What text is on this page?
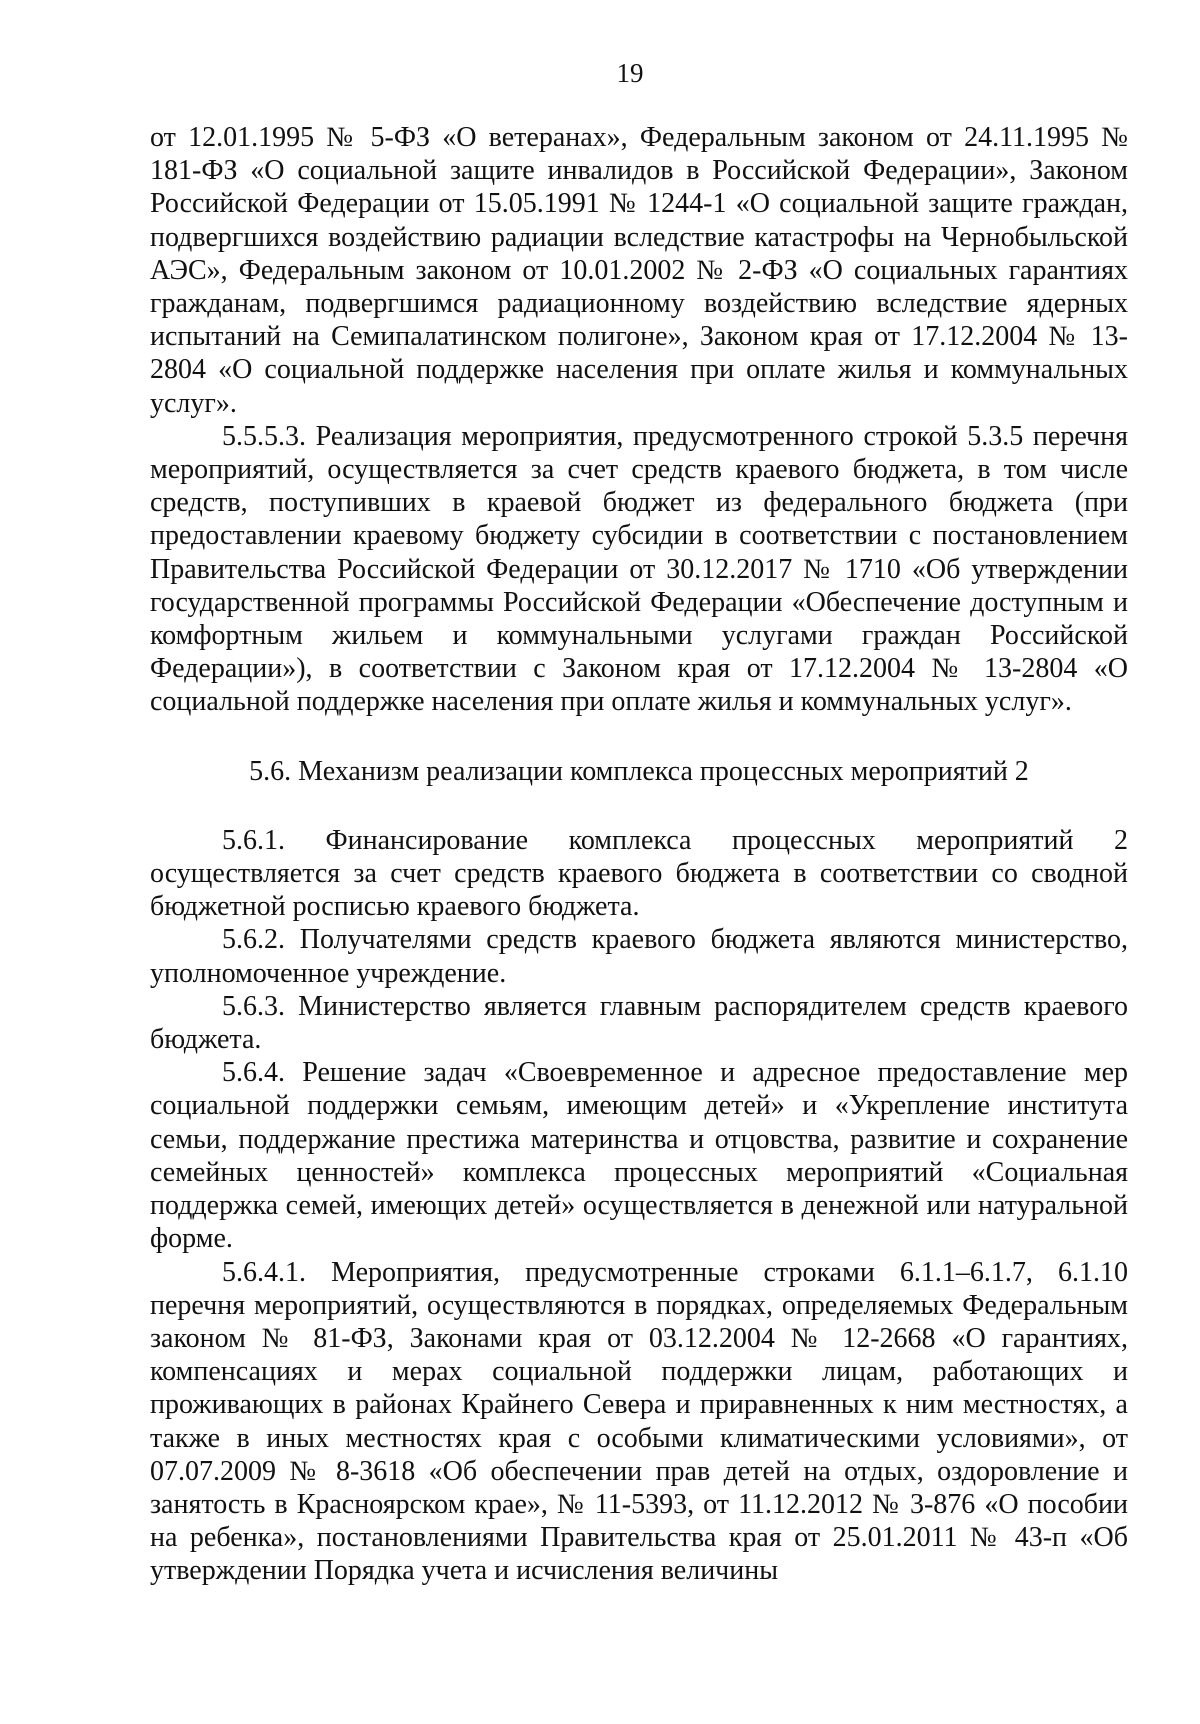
19

от 12.01.1995 № 5-ФЗ «О ветеранах», Федеральным законом от 24.11.1995 № 181-ФЗ «О социальной защите инвалидов в Российской Федерации», Законом Российской Федерации от 15.05.1991 № 1244-1 «О социальной защите граждан, подвергшихся воздействию радиации вследствие катастрофы на Чернобыльской АЭС», Федеральным законом от 10.01.2002 № 2-ФЗ «О социальных гарантиях гражданам, подвергшимся радиационному воздействию вследствие ядерных испытаний на Семипалатинском полигоне», Законом края от 17.12.2004 № 13-2804 «О социальной поддержке населения при оплате жилья и коммунальных услуг».

5.5.5.3. Реализация мероприятия, предусмотренного строкой 5.3.5 перечня мероприятий, осуществляется за счет средств краевого бюджета, в том числе средств, поступивших в краевой бюджет из федерального бюджета (при предоставлении краевому бюджету субсидии в соответствии с постановлением Правительства Российской Федерации от 30.12.2017 № 1710 «Об утверждении государственной программы Российской Федерации «Обеспечение доступным и комфортным жильем и коммунальными услугами граждан Российской Федерации»), в соответствии с Законом края от 17.12.2004 № 13-2804 «О социальной поддержке населения при оплате жилья и коммунальных услуг».

5.6. Механизм реализации комплекса процессных мероприятий 2

5.6.1. Финансирование комплекса процессных мероприятий 2 осуществляется за счет средств краевого бюджета в соответствии со сводной бюджетной росписью краевого бюджета.

5.6.2. Получателями средств краевого бюджета являются министерство, уполномоченное учреждение.

5.6.3. Министерство является главным распорядителем средств краевого бюджета.

5.6.4. Решение задач «Своевременное и адресное предоставление мер социальной поддержки семьям, имеющим детей» и «Укрепление института семьи, поддержание престижа материнства и отцовства, развитие и сохранение семейных ценностей» комплекса процессных мероприятий «Социальная поддержка семей, имеющих детей» осуществляется в денежной или натуральной форме.

5.6.4.1. Мероприятия, предусмотренные строками 6.1.1–6.1.7, 6.1.10 перечня мероприятий, осуществляются в порядках, определяемых Федеральным законом № 81-ФЗ, Законами края от 03.12.2004 № 12-2668 «О гарантиях, компенсациях и мерах социальной поддержки лицам, работающих и проживающих в районах Крайнего Севера и приравненных к ним местностях, а также в иных местностях края с особыми климатическими условиями», от 07.07.2009 № 8-3618 «Об обеспечении прав детей на отдых, оздоровление и занятость в Красноярском крае», № 11-5393, от 11.12.2012 № 3-876 «О пособии на ребенка», постановлениями Правительства края от 25.01.2011 № 43-п «Об утверждении Порядка учета и исчисления величины
